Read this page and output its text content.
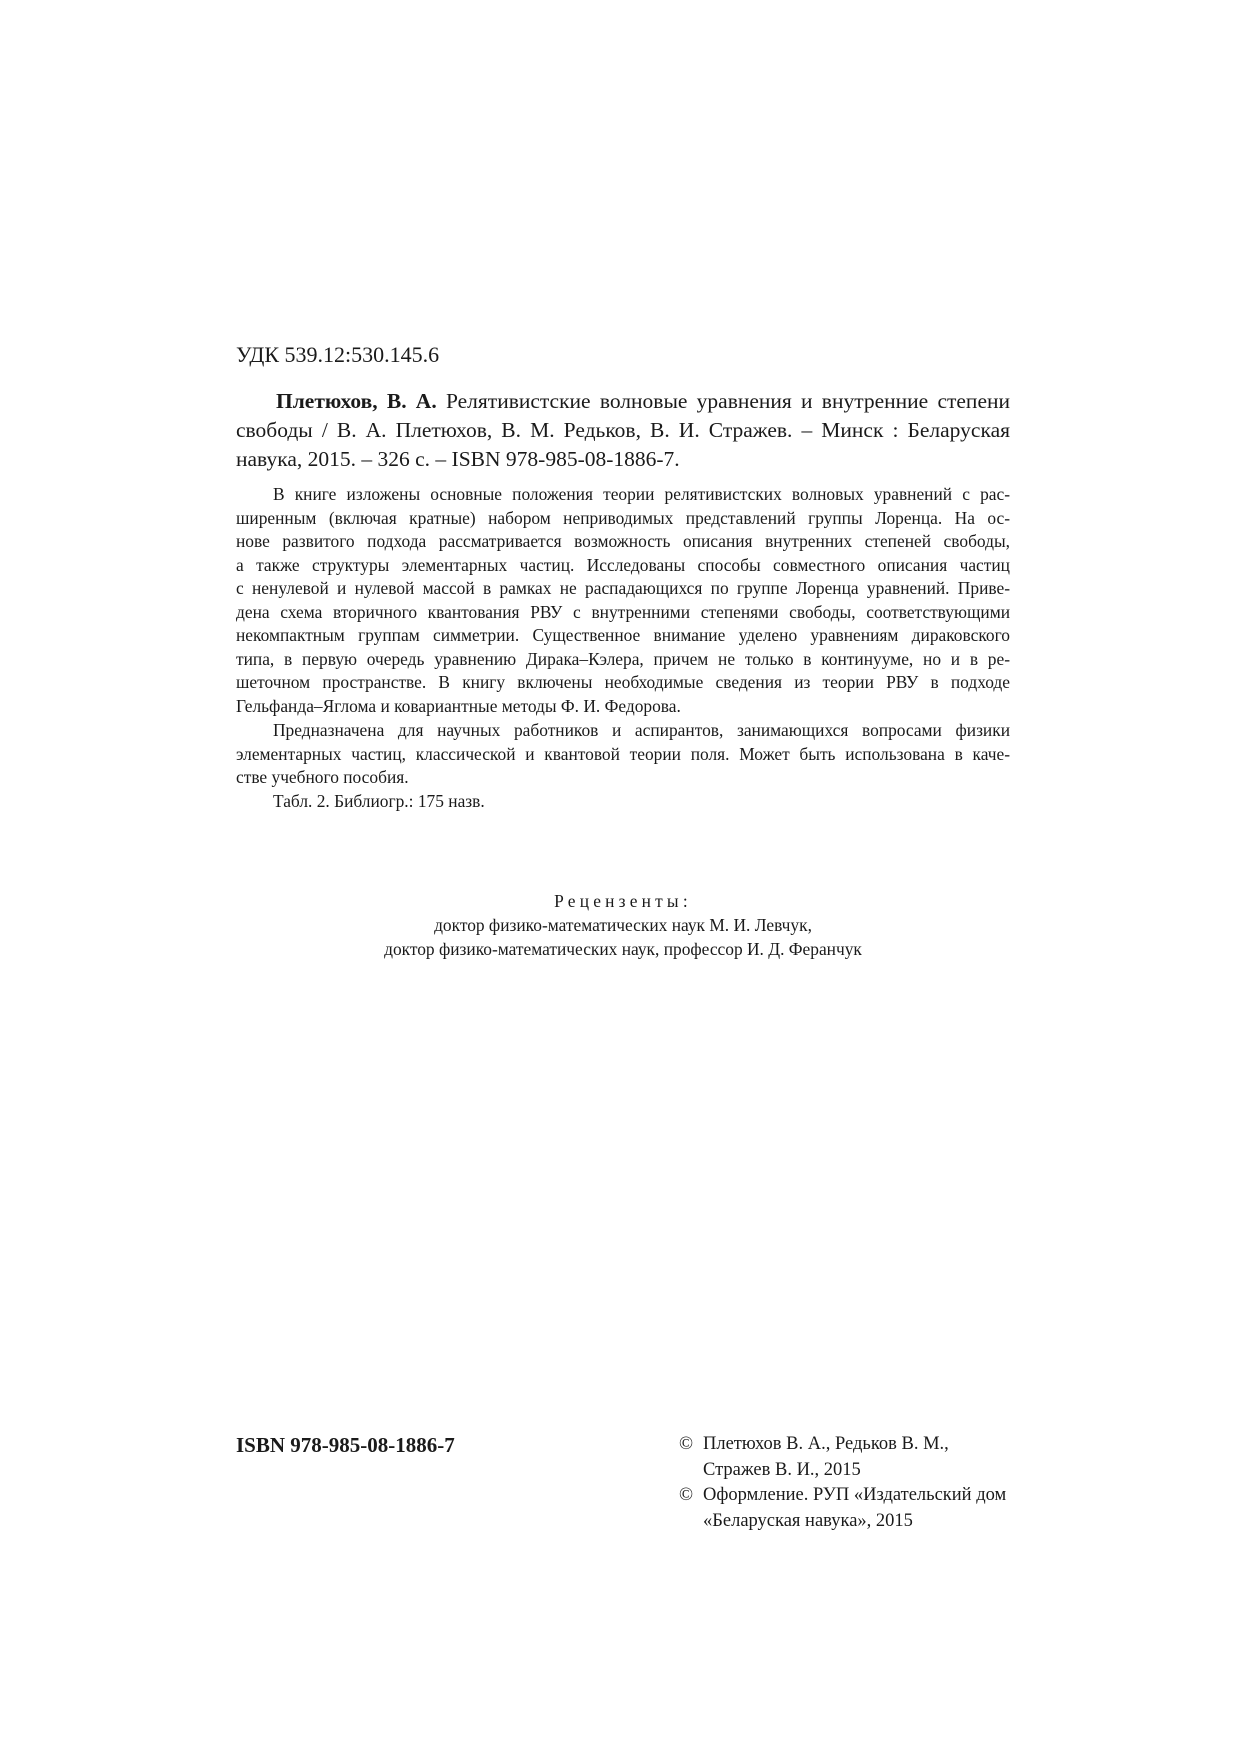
УДК 539.12:530.145.6
Плетюхов, В. А. Релятивистские волновые уравнения и внутренние степени
свободы / В. А. Плетюхов, В. М. Редьков, В. И. Стражев. – Минск : Беларуская
навука, 2015. – 326 с. – ISBN 978-985-08-1886-7.
В книге изложены основные положения теории релятивистских волновых уравнений с рас-
ширенным (включая кратные) набором неприводимых представлений группы Лоренца. На ос-
нове развитого подхода рассматривается возможность описания внутренних степеней свободы,
а также структуры элементарных частиц. Исследованы способы совместного описания частиц
с ненулевой и нулевой массой в рамках не распадающихся по группе Лоренца уравнений. Приве-
дена схема вторичного квантования РВУ с внутренними степенями свободы, соответствующими
некомпактным группам симметрии. Существенное внимание уделено уравнениям дираковского
типа, в первую очередь уравнению Дирака–Кэлера, причем не только в континууме, но и в ре-
шеточном пространстве. В книгу включены необходимые сведения из теории РВУ в подходе
Гельфанда–Яглома и ковариантные методы Ф. И. Федорова.
Предназначена для научных работников и аспирантов, занимающихся вопросами физики
элементарных частиц, классической и квантовой теории поля. Может быть использована в каче-
стве учебного пособия.
Табл. 2. Библиогр.: 175 назв.
Рецензенты:
доктор физико-математических наук М. И. Левчук,
доктор физико-математических наук, профессор И. Д. Феранчук
ISBN 978-985-08-1886-7	© Плетюхов В. А., Редьков В. М.,
Стражев В. И., 2015
© Оформление. РУП «Издательский дом
«Беларуская навука», 2015
